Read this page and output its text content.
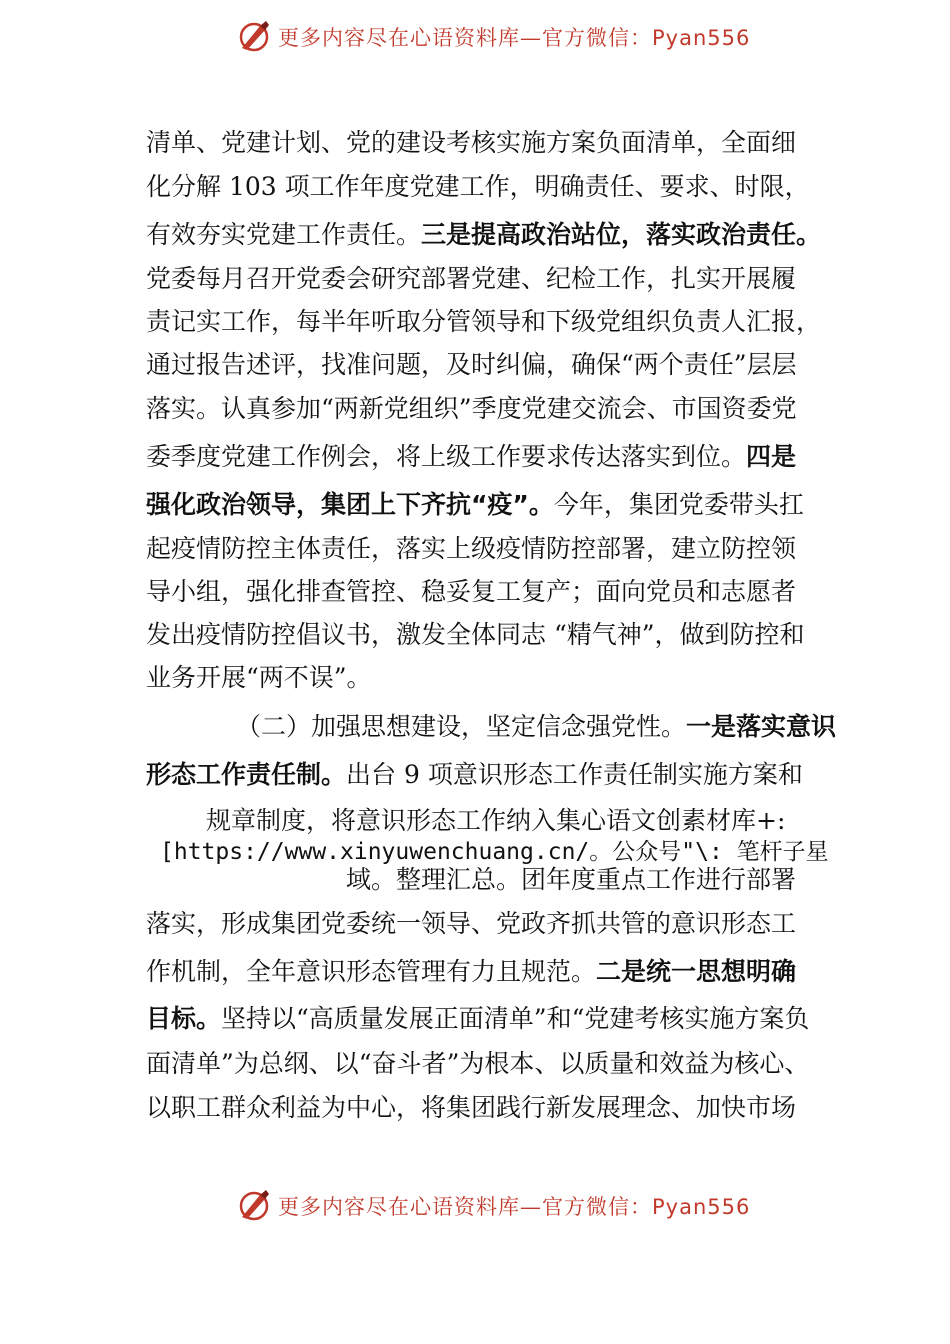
更多内容尽在心语资料库—官方微信：Pyan556
清单、党建计划、党的建设考核实施方案负面清单，全面细
化分解 103 项工作年度党建工作，明确责任、要求、时限，
有效夯实党建工作责任。三是提高政治站位，落实政治责任。
党委每月召开党委会研究部署党建、纪检工作，扎实开展履
责记实工作，每半年听取分管领导和下级党组织负责人汇报，
通过报告述评，找准问题，及时纠偏，确保“两个责任”层层
落实。认真参加“两新党组织”季度党建交流会、市国资委党
委季度党建工作例会，将上级工作要求传达落实到位。四是
强化政治领导，集团上下齐抗“疫”。今年，集团党委带头扛
起疫情防控主体责任，落实上级疫情防控部署，建立防控领
导小组，强化排查管控、稳妥复工复产；面向党员和志愿者
发出疫情防控倡议书，激发全体同志 “精气神”，做到防控和
业务开展“两不误”。
（二）加强思想建设，坚定信念强党性。一是落实意识
形态工作责任制。出台 9 项意识形态工作责任制实施方案和
规章制度，将意识形态工作纳入集心语文创素材库+:
[https://www.xinyuwenchuang.cn/。公众号"\: 笔杆子星
域。整理汇总。团年度重点工作进行部署
落实，形成集团党委统一领导、党政齐抓共管的意识形态工
作机制，全年意识形态管理有力且规范。二是统一思想明确
目标。坚持以“高质量发展正面清单”和“党建考核实施方案负
面清单”为总纲、以“奋斗者”为根本、以质量和效益为核心、
以职工群众利益为中心，将集团践行新发展理念、加快市场
更多内容尽在心语资料库—官方微信：Pyan556
